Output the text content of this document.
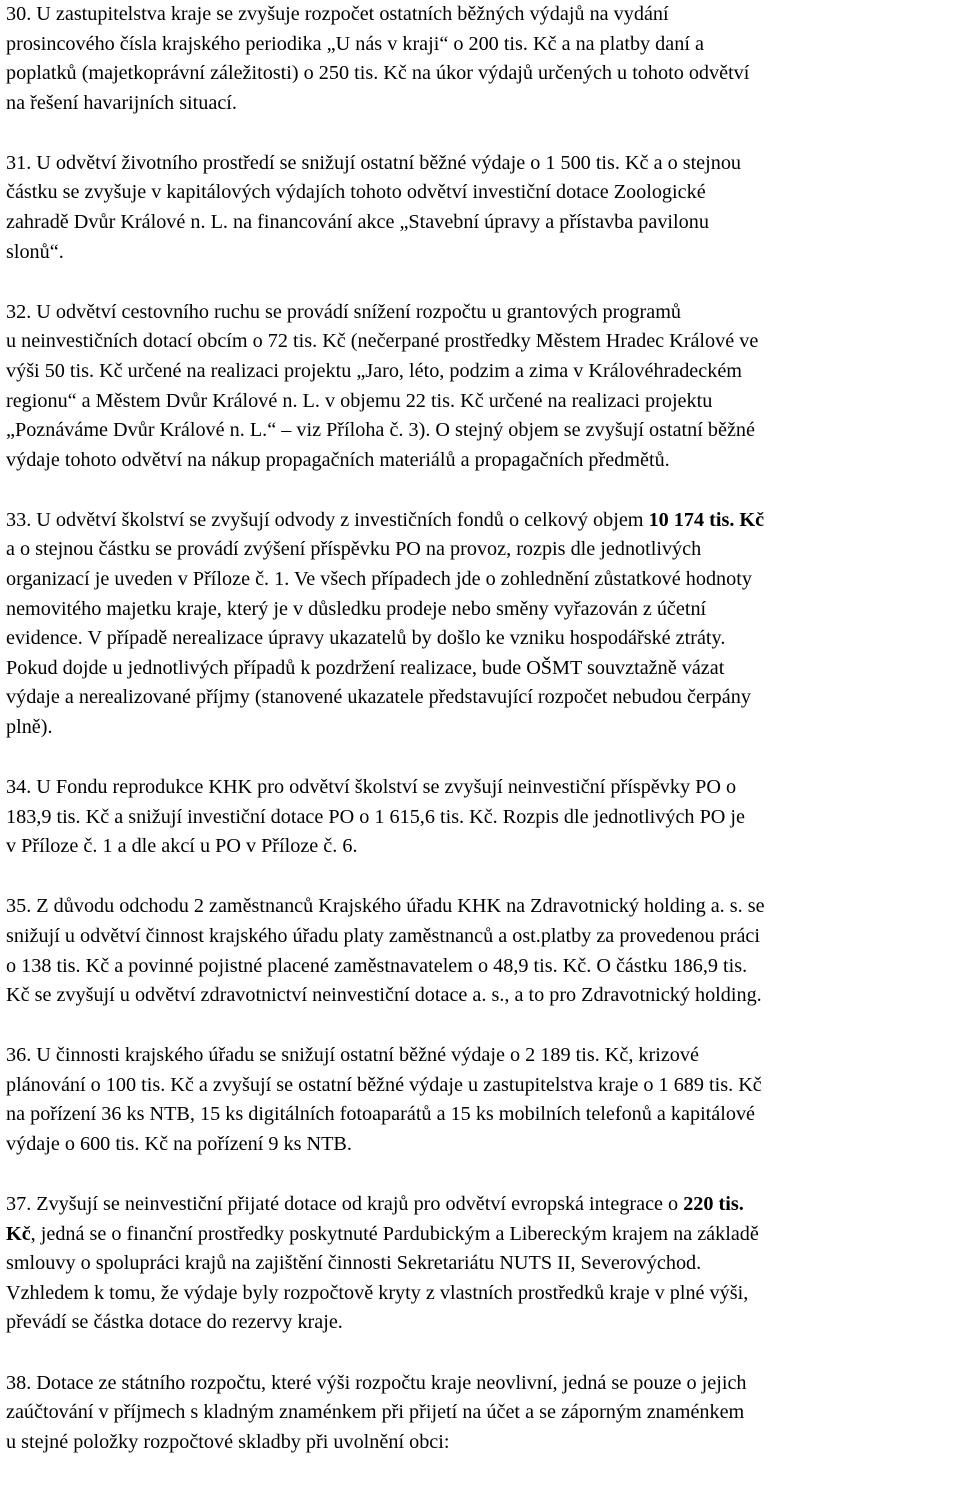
30. U zastupitelstva kraje se zvyšuje rozpočet ostatních běžných výdajů na vydání
prosincového čísla krajského periodika „U nás v kraji“ o 200 tis. Kč a na platby daní a
poplatků (majetkoprávní záležitosti) o 250 tis. Kč na úkor výdajů určených u tohoto odvětví
na řešení havarijních situací.

31. U odvětví životního prostředí se snižují ostatní běžné výdaje o 1 500 tis. Kč a o stejnou
částku se zvyšuje v kapitálových výdajích tohoto odvětví investiční dotace Zoologické
zahradě Dvůr Králové n. L. na financování akce „Stavební úpravy a přístavba pavilonu
slonů“.

32. U odvětví cestovního ruchu se provádí snížení rozpočtu u grantových programů
u neinvestičních dotací obcím o 72 tis. Kč (nečerpané prostředky Městem Hradec Králové ve
výši 50 tis. Kč určené na realizaci projektu „Jaro, léto, podzim a zima v Královéhradeckém
regionu“ a Městem Dvůr Králové n. L. v objemu 22 tis. Kč určené na realizaci projektu
„Poznáváme Dvůr Králové n. L.“ – viz Příloha č. 3). O stejný objem se zvyšují ostatní běžné
výdaje tohoto odvětví na nákup propagačních materiálů a propagačních předmětů.

33. U odvětví školství se zvyšují odvody z investičních fondů o celkový objem 10 174 tis. Kč
a o stejnou částku se provádí zvýšení příspěvku PO na provoz, rozpis dle jednotlivých
organizací je uveden v Příloze č. 1. Ve všech případech jde o zohlednění zůstatkové hodnoty
nemovitého majetku kraje, který je v důsledku prodeje nebo směny vyřazován z účetní
evidence. V případě nerealizace úpravy ukazatelů by došlo ke vzniku hospodářské ztráty.
Pokud dojde u jednotlivých případů k pozdržení realizace, bude OŠMT souvztažně vázat
výdaje a nerealizované příjmy (stanovené ukazatele představující rozpočet nebudou čerpány
plně).

34. U Fondu reprodukce KHK pro odvětví školství se zvyšují neinvestiční příspěvky PO o
183,9 tis. Kč a snižují investiční dotace PO o 1 615,6 tis. Kč. Rozpis dle jednotlivých PO je
v Příloze č. 1 a dle akcí u PO v Příloze č. 6.

35. Z důvodu odchodu 2 zaměstnanců Krajského úřadu KHK na Zdravotnický holding a. s. se
snižují u odvětví činnost krajského úřadu platy zaměstnanců a ost.platby za provedenou práci
o 138 tis. Kč a povinné pojistné placené zaměstnavatelem o 48,9 tis. Kč. O částku 186,9 tis.
Kč se zvyšují u odvětví zdravotnictví neinvestiční dotace a. s., a to pro Zdravotnický holding.

36. U činnosti krajského úřadu se snižují ostatní běžné výdaje o 2 189 tis. Kč, krizové
plánování o 100 tis. Kč a zvyšují se ostatní běžné výdaje u zastupitelstva kraje o 1 689 tis. Kč
na pořízení 36 ks NTB, 15 ks digitálních fotoaparátů a 15 ks mobilních telefonů a kapitálové
výdaje o 600 tis. Kč na pořízení 9 ks NTB.

37. Zvyšují se neinvestiční přijaté dotace od krajů pro odvětví evropská integrace o 220 tis.
Kč, jedná se o finanční prostředky poskytnuté Pardubickým a Libereckým krajem na základě
smlouvy o spolupráci krajů na zajištění činnosti Sekretariátu NUTS II, Severovýchod.
Vzhledem k tomu, že výdaje byly rozpočtově kryty z vlastních prostředků kraje v plné výši,
převádí se částka dotace do rezervy kraje.

38. Dotace ze státního rozpočtu, které výši rozpočtu kraje neovlivní, jedná se pouze o jejich
zaúčtování v příjmech s kladným znaménkem při přijetí na účet a se záporným znaménkem
u stejné položky rozpočtové skladby při uvolnění obci:
